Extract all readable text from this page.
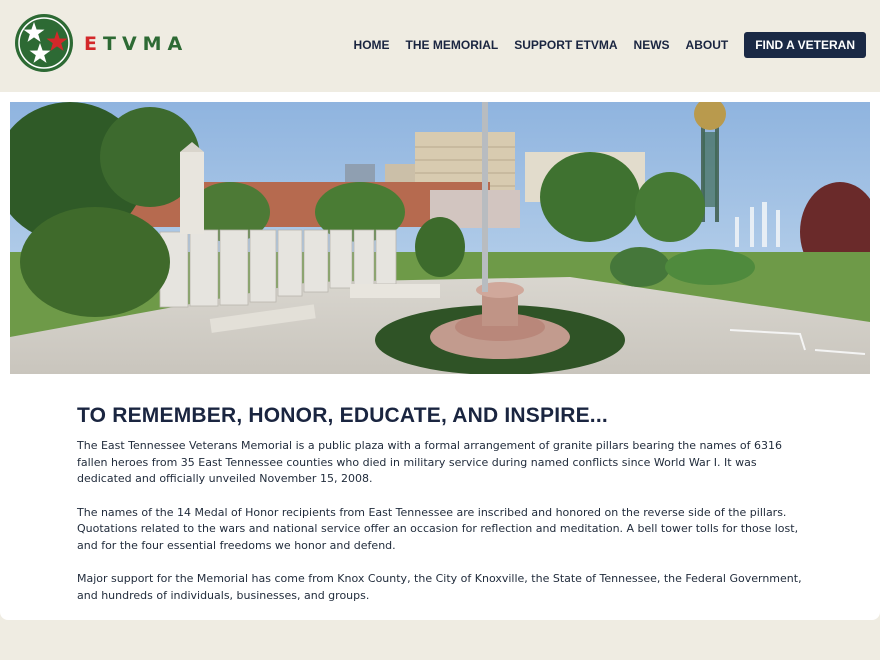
ETVMA	HOME THE MEMORIAL SUPPORT ETVMA NEWS ABOUT	FIND A VETERAN
TO REMEMBER, HONOR, EDUCATE, AND INSPIRE...

The East Tennessee Veterans Memorial is a public plaza with a formal arrangement of granite pillars bearing the names of 6316 fallen heroes from 35 East Tennessee counties who died in military service during named conflicts since World War I. It was dedicated and officially unveiled November 15, 2008.

The names of the 14 Medal of Honor recipients from East Tennessee are inscribed and honored on the reverse side of the pillars. Quotations related to the wars and national service offer an occasion for reflection and meditation. A bell tower tolls for those lost, and for the four essential freedoms we honor and defend.

Major support for the Memorial has come from Knox County, the City of Knoxville, the State of Tennessee, the Federal Government, and hundreds of individuals, businesses, and groups.
